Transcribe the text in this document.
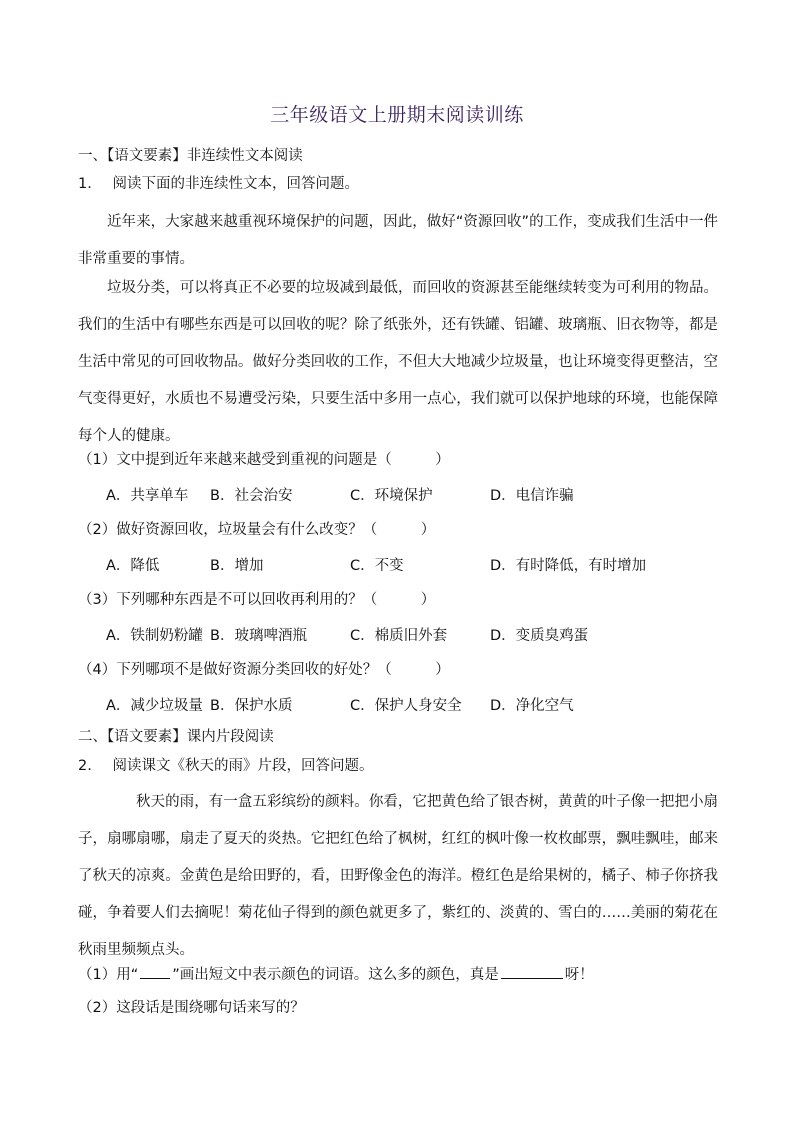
三年级语文上册期末阅读训练
一、【语文要素】非连续性文本阅读
1. 阅读下面的非连续性文本，回答问题。
近年来，大家越来越重视环境保护的问题，因此，做好“资源回收”的工作，变成我们生活中一件非常重要的事情。
垃圾分类，可以将真正不必要的垃圾减到最低，而回收的资源甚至能继续转变为可利用的物品。我们的生活中有哪些东西是可以回收的呢？除了纸张外，还有铁罐、铝罐、玻璃瓶、旧衣物等，都是生活中常见的可回收物品。做好分类回收的工作，不但大大地减少垃圾量，也让环境变得更整洁，空气变得更好，水质也不易遭受污染，只要生活中多用一点心，我们就可以保护地球的环境，也能保障每个人的健康。
（1）文中提到近年来越来越受到重视的问题是（　　　）
A．共享单车 B．社会治安	C．环境保护	D．电信诈骗
（2）做好资源回收，垃圾量会有什么改变？（　　　）
A．降低	B．增加	C．不变	D．有时降低，有时增加
（3）下列哪种东西是不可以回收再利用的？（　　　）
A．铁制奶粉罐 B．玻璃啤酒瓶	C．棉质旧外套	D．变质臭鸡蛋
（4）下列哪项不是做好资源分类回收的好处？（　　　）
A．减少垃圾量 B．保护水质	C．保护人身安全 D．净化空气
二、【语文要素】课内片段阅读
2. 阅读课文《秋天的雨》片段，回答问题。
秋天的雨，有一盒五彩缤纷的颜料。你看，它把黄色给了银杏树，黄黄的叶子像一把把小扇子，扇哪扇哪，扇走了夏天的炎热。它把红色给了枫树，红红的枫叶像一枚枚邮票，飘哇飘哇，邮来了秋天的凉爽。金黄色是给田野的，看，田野像金色的海洋。橙红色是给果树的，橘子、柿子你挤我碰，争着要人们去摘呢！菊花仙子得到的颜色就更多了，紫红的、淡黄的、雪白的……美丽的菊花在秋雨里频频点头。
（1）用“ ”画出短文中表示颜色的词语。这么多的颜色，真是	呀！
（2）这段话是围绕哪句话来写的？
